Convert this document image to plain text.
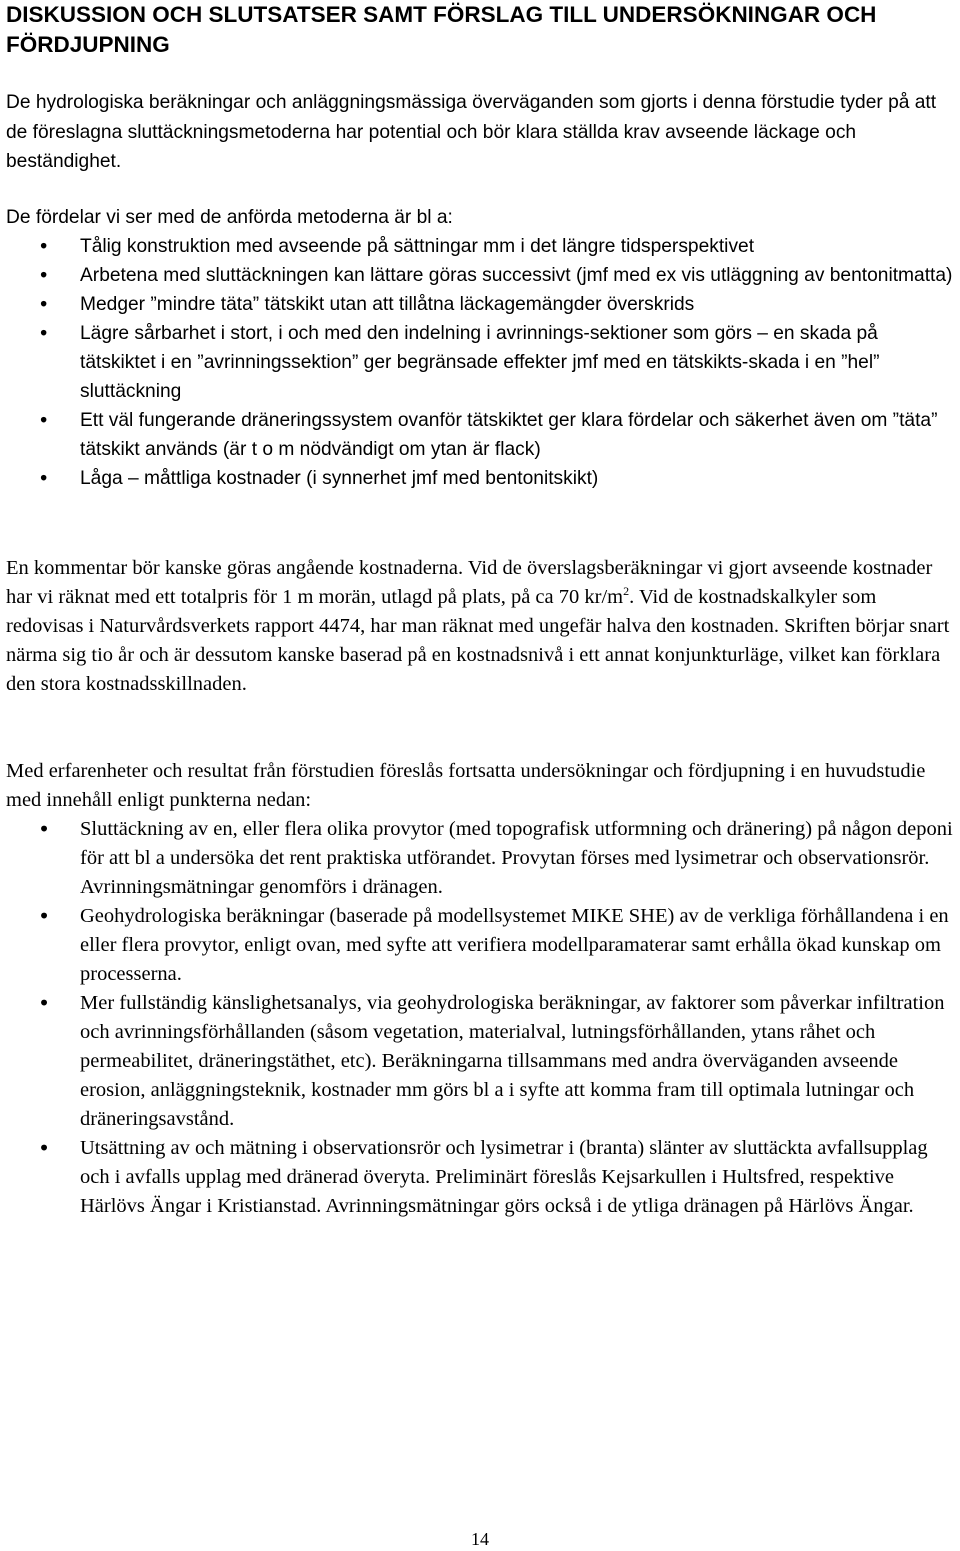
DISKUSSION OCH SLUTSATSER SAMT FÖRSLAG TILL UNDERSÖKNINGAR OCH FÖRDJUPNING

De hydrologiska beräkningar och anläggningsmässiga överväganden som gjorts i denna förstudie tyder på att de föreslagna sluttäckningsmetoderna har potential och bör klara ställda krav avseende läckage och beständighet.

De fördelar vi ser med de anförda metoderna är bl a:

• Tålig konstruktion med avseende på sättningar mm i det längre tidsperspektivet
• Arbetena med sluttäckningen kan lättare göras successivt (jmf med ex vis utläggning av bentonitmatta)
• Medger ”mindre täta” tätskikt utan att tillåtna läckagemängder överskrids
• Lägre sårbarhet i stort, i och med den indelning i avrinnings-sektioner som görs – en skada på tätskiktet i en ”avrinningssektion” ger begränsade effekter jmf med en tätskikts-skada i en ”hel” sluttäckning
• Ett väl fungerande dräneringssystem ovanför tätskiktet ger klara fördelar och säkerhet även om ”täta” tätskikt används (är t o m nödvändigt om ytan är flack)
• Låga – måttliga kostnader (i synnerhet jmf med bentonitskikt)

En kommentar bör kanske göras angående kostnaderna. Vid de överslagsberäkningar vi gjort avseende kostnader har vi räknat med ett totalpris för 1 m morän, utlagd på plats, på ca 70 $kr/m^2$. Vid de kostnadskalkyler som redovisas i Naturvårdsverkets rapport 4474, har man räknat med ungefär halva den kostnaden. Skriften börjar snart närma sig tio år och är dessutom kanske baserad på en kostnadsnivå i ett annat konjunkturläge, vilket kan förklara den stora kostnadsskillnaden.

Med erfarenheter och resultat från förstudien föreslås fortsatta undersökningar och fördjupning i en huvudstudie med innehåll enligt punkterna nedan:

• Sluttäckning av en, eller flera olika provytor (med topografisk utformning och dränering) på någon deponi för att bl a undersöka det rent praktiska utförandet. Provytan förses med lysimetrar och observationsrör. Avrinningsmätningar genomförs i dränagen.
• Geohydrologiska beräkningar (baserade på modellsystemet MIKE SHE) av de verkliga förhållandena i en eller flera provytor, enligt ovan, med syfte att verifiera modellparamaterar samt erhålla ökad kunskap om processerna.
• Mer fullständig känslighetsanalys, via geohydrologiska beräkningar, av faktorer som påverkar infiltration och avrinningsförhållanden (såsom vegetation, materialval, lutningsförhållanden, ytans råhet och permeabilitet, dräneringstäthet, etc). Beräkningarna tillsammans med andra överväganden avseende erosion, anläggningsteknik, kostnader mm görs bl a i syfte att komma fram till optimala lutningar och dräneringsavstånd.
• Utsättning av och mätning i observationsrör och lysimetrar i (branta) slänter av sluttäckta avfallsupplag och i avfalls upplag med dränerad överyta. Preliminärt föreslås Kejsarkullen i Hultsfred, respektive Härlövs Ängar i Kristianstad. Avrinningsmätningar görs också i de ytliga dränagen på Härlövs Ängar.
14
